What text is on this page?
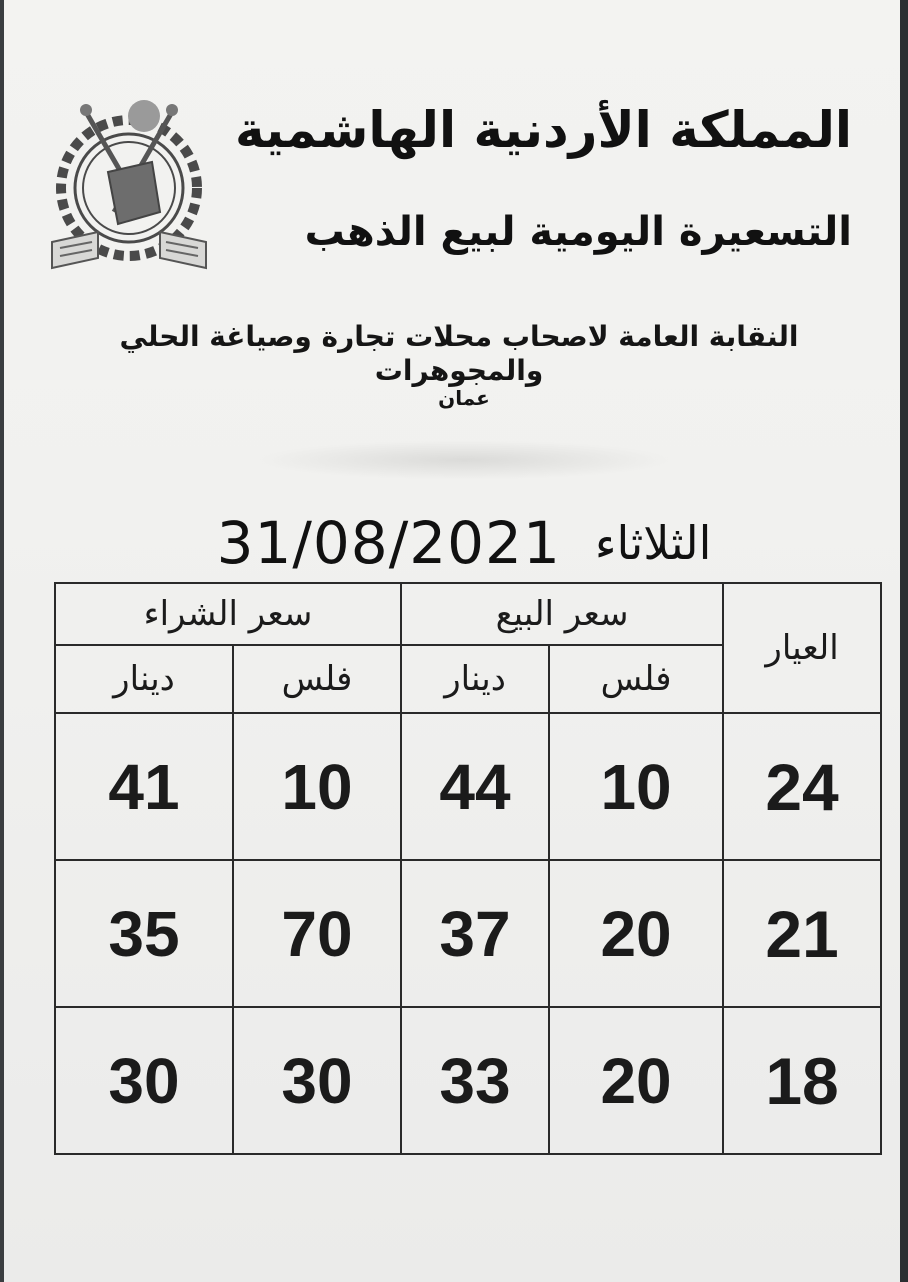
المملكة الأردنية الهاشمية
التسعيرة اليومية لبيع الذهب

النقابة العامة لاصحاب محلات تجارة وصياغة الحلي والمجوهرات

عمان

الثلاثاء
31/08/2021
العيار	سعر البيع		سعر الشراء	
	فلس	دينار	فلس	دينار
24	10	44	10	41
21	20	37	70	35
18	20	33	30	30
